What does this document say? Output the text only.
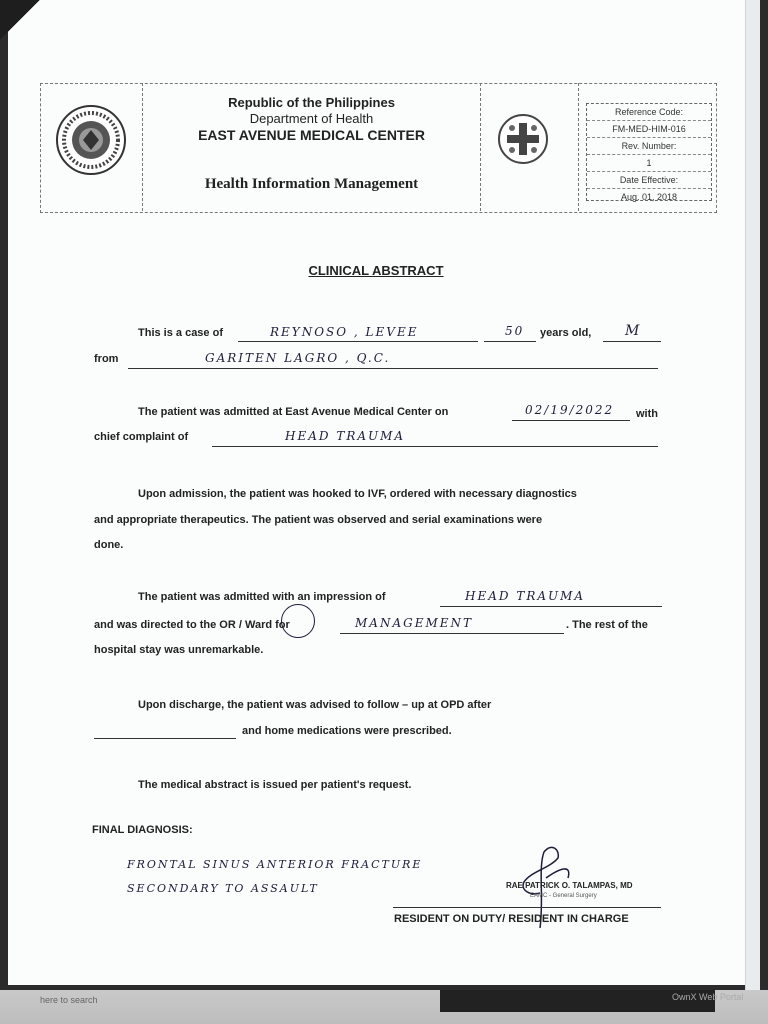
Republic of the Philippines
Department of Health
EAST AVENUE MEDICAL CENTER
Health Information Management
Reference Code:
FM-MED-HIM-016
Rev. Number:
1
Date Effective:
Aug. 01, 2018
CLINICAL ABSTRACT
This is a case of	REYNOSO , LEVEE	50 years old, M
from	GARITEN LAGRO , Q.C.
The patient was admitted at East Avenue Medical Center on	02/19/2022 with
chief complaint of	HEAD TRAUMA
Upon admission, the patient was hooked to IVF, ordered with necessary diagnostics
and appropriate therapeutics. The patient was observed and serial examinations were
done.
The patient was admitted with an impression of	HEAD TRAUMA
and was directed to the OR / Ward for	MANAGEMENT	. The rest of the
hospital stay was unremarkable.
Upon discharge, the patient was advised to follow – up at OPD after
and home medications were prescribed.
The medical abstract is issued per patient's request.
FINAL DIAGNOSIS:
FRONTAL SINUS ANTERIOR FRACTURE
SECONDARY TO ASSAULT	RAE PATRICK O. TALAMPAS, MD
EAMC - General Surgery
RESIDENT ON DUTY/ RESIDENT IN CHARGE
here to search	OwnX Web Portal
